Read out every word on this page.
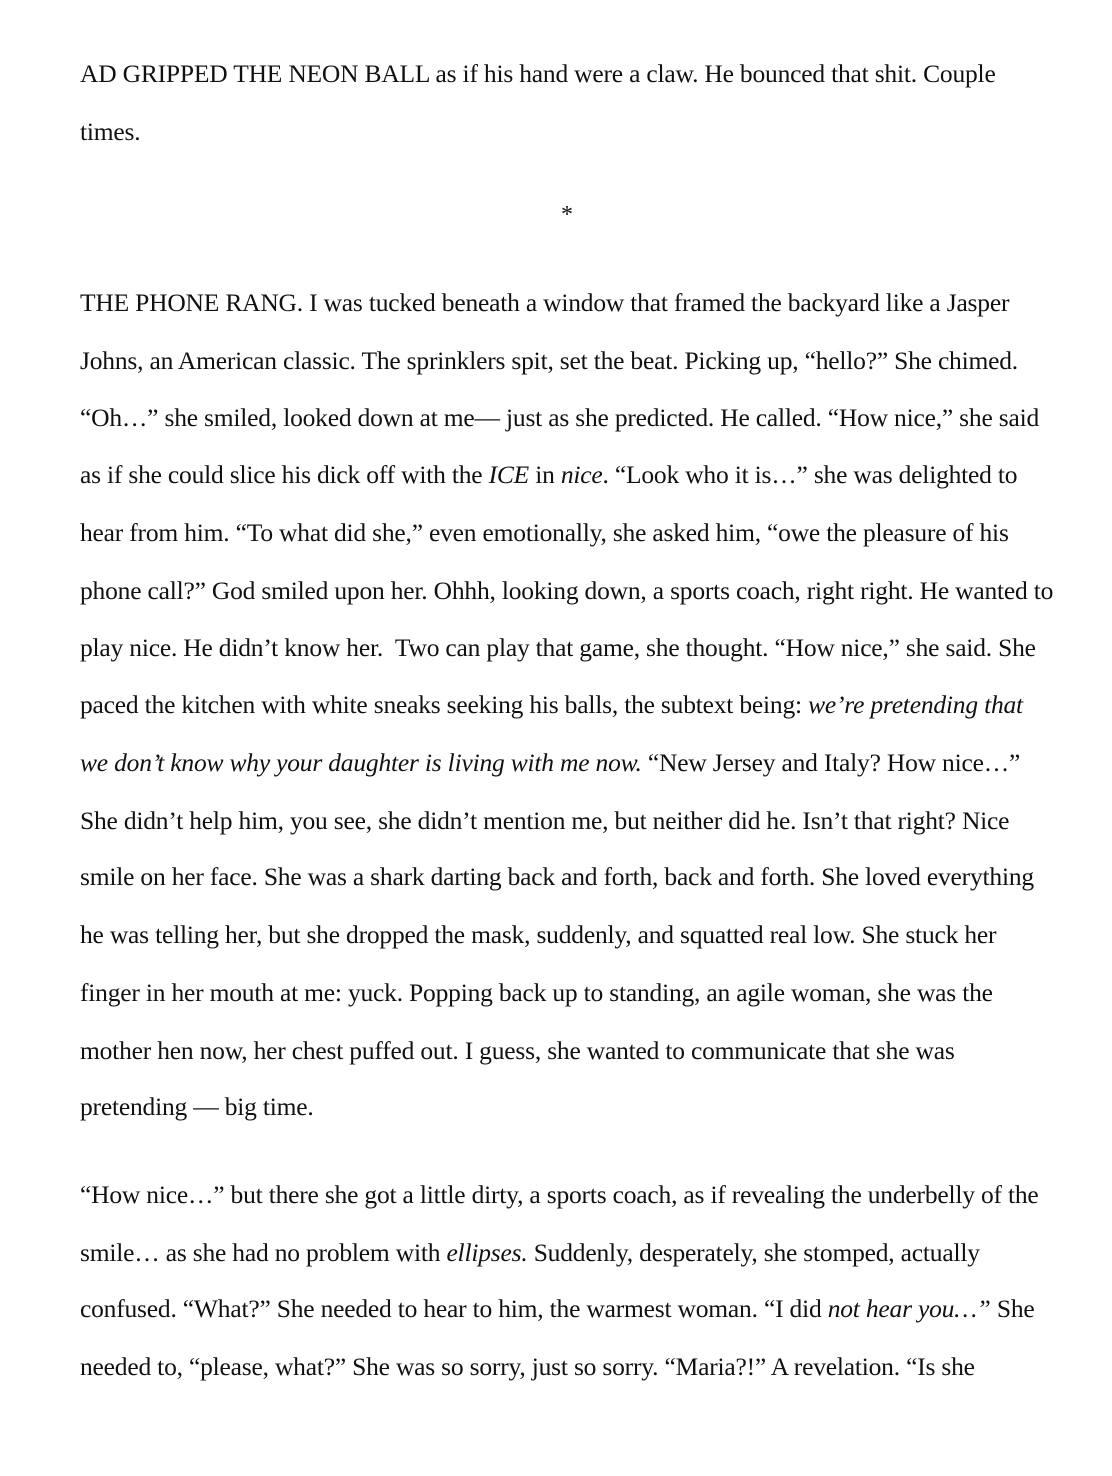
AD GRIPPED THE NEON BALL as if his hand were a claw. He bounced that shit. Couple
times.
*
THE PHONE RANG. I was tucked beneath a window that framed the backyard like a Jasper
Johns, an American classic. The sprinklers spit, set the beat. Picking up, “hello?” She chimed.
“Oh…” she smiled, looked down at me— just as she predicted. He called. “How nice,” she said
as if she could slice his dick off with the ICE in nice. “Look who it is…” she was delighted to
hear from him. “To what did she,” even emotionally, she asked him, “owe the pleasure of his
phone call?” God smiled upon her. Ohhh, looking down, a sports coach, right right. He wanted to
play nice. He didn’t know her.  Two can play that game, she thought. “How nice,” she said. She
paced the kitchen with white sneaks seeking his balls, the subtext being: we’re pretending that
we don’t know why your daughter is living with me now. “New Jersey and Italy? How nice…”
She didn’t help him, you see, she didn’t mention me, but neither did he. Isn’t that right? Nice
smile on her face. She was a shark darting back and forth, back and forth. She loved everything
he was telling her, but she dropped the mask, suddenly, and squatted real low. She stuck her
finger in her mouth at me: yuck. Popping back up to standing, an agile woman, she was the
mother hen now, her chest puffed out. I guess, she wanted to communicate that she was
pretending — big time.
“How nice…” but there she got a little dirty, a sports coach, as if revealing the underbelly of the
smile… as she had no problem with ellipses. Suddenly, desperately, she stomped, actually
confused. “What?” She needed to hear to him, the warmest woman. “I did not hear you…” She
needed to, “please, what?” She was so sorry, just so sorry. “Maria?!” A revelation. “Is she
